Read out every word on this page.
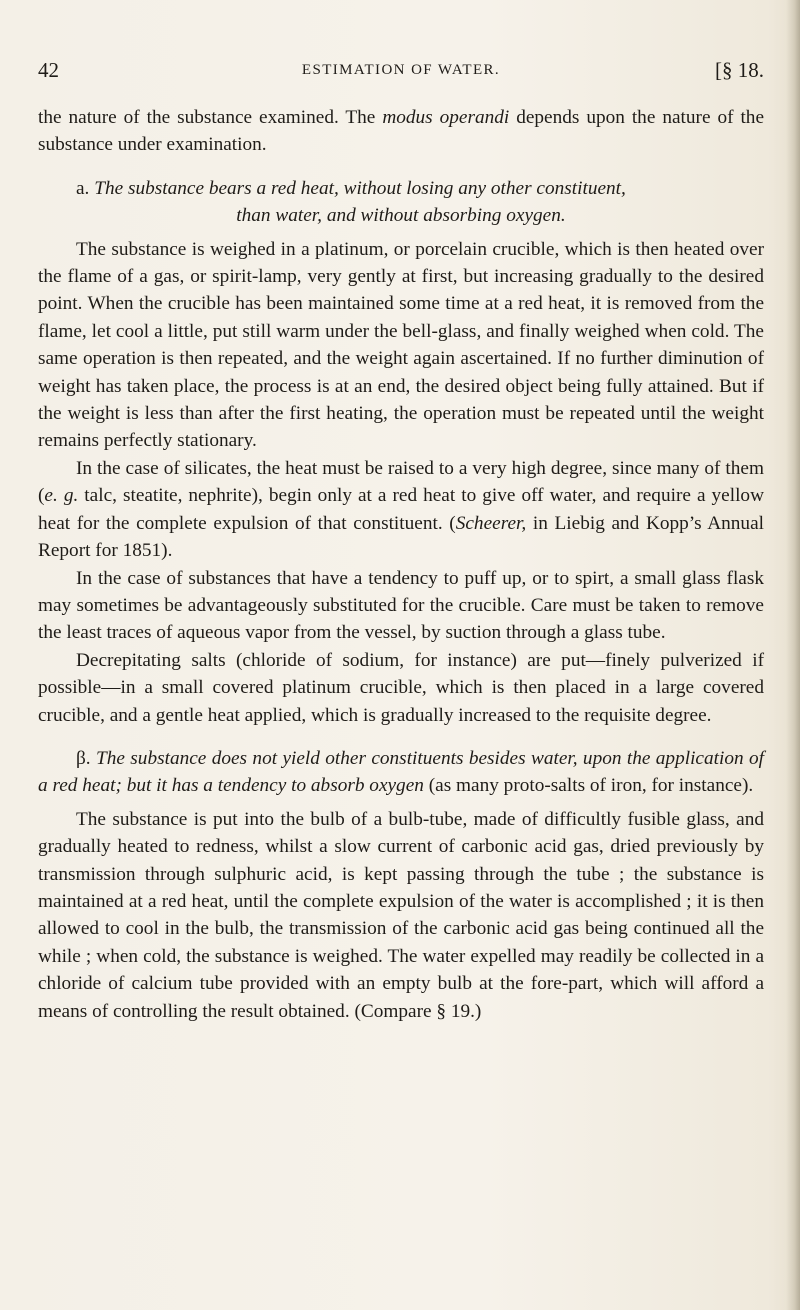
42	ESTIMATION OF WATER.	[§ 18.

the nature of the substance examined. The modus operandi depends upon the nature of the substance under examination.

a. The substance bears a red heat, without losing any other constituent,

than water, and without absorbing oxygen.

The substance is weighed in a platinum, or porcelain crucible, which is then heated over the flame of a gas, or spirit-lamp, very gently at first, but increasing gradually to the desired point. When the crucible has been maintained some time at a red heat, it is removed from the flame, let cool a little, put still warm under the bell-glass, and finally weighed when cold. The same operation is then repeated, and the weight again ascertained. If no further diminution of weight has taken place, the process is at an end, the desired object being fully attained. But if the weight is less than after the first heating, the operation must be repeated until the weight remains perfectly stationary.

In the case of silicates, the heat must be raised to a very high degree, since many of them (e. g. talc, steatite, nephrite), begin only at a red heat to give off water, and require a yellow heat for the complete expulsion of that constituent. (Scheerer, in Liebig and Kopp’s Annual Report for 1851).

In the case of substances that have a tendency to puff up, or to spirt, a small glass flask may sometimes be advantageously substituted for the crucible. Care must be taken to remove the least traces of aqueous vapor from the vessel, by suction through a glass tube.

Decrepitating salts (chloride of sodium, for instance) are put—finely pulverized if possible—in a small covered platinum crucible, which is then placed in a large covered crucible, and a gentle heat applied, which is gradually increased to the requisite degree.

β. The substance does not yield other constituents besides water, upon the application of a red heat; but it has a tendency to absorb oxygen (as many proto-salts of iron, for instance).

The substance is put into the bulb of a bulb-tube, made of difficultly fusible glass, and gradually heated to redness, whilst a slow current of carbonic acid gas, dried previously by transmission through sulphuric acid, is kept passing through the tube ; the substance is maintained at a red heat, until the complete expulsion of the water is accomplished ; it is then allowed to cool in the bulb, the transmission of the carbonic acid gas being continued all the while ; when cold, the substance is weighed. The water expelled may readily be collected in a chloride of calcium tube provided with an empty bulb at the fore-part, which will afford a means of controlling the result obtained. (Compare § 19.)
